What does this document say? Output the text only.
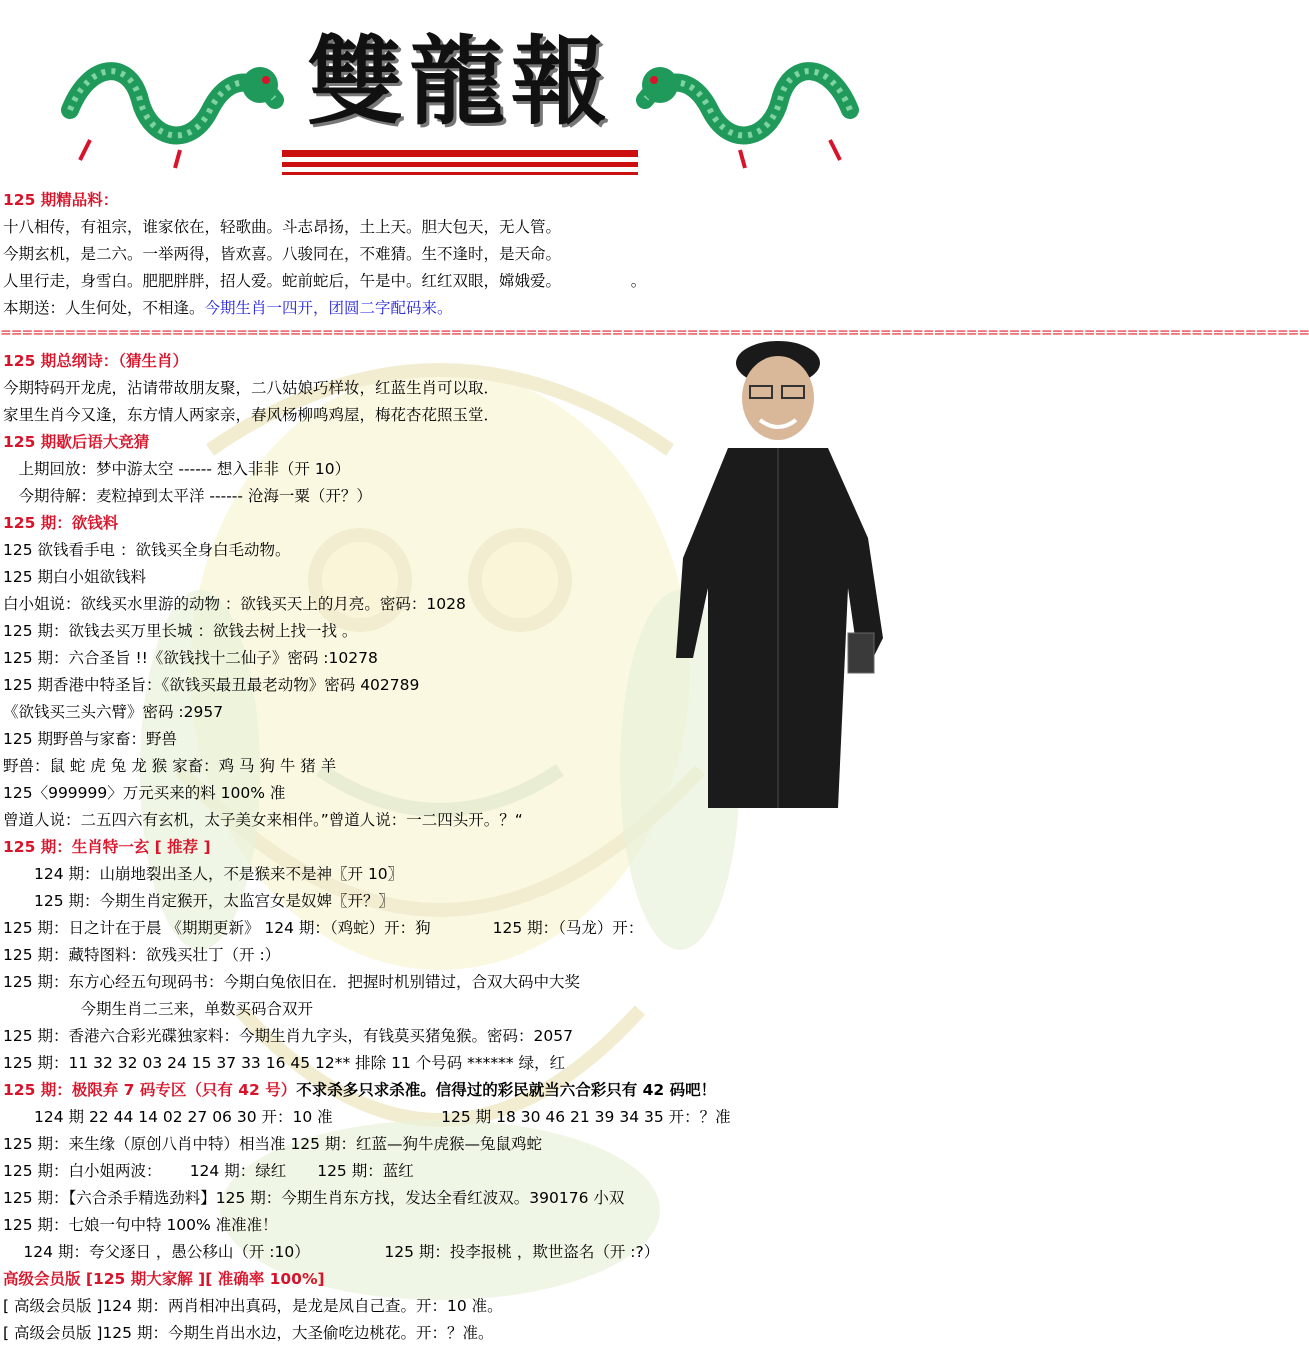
雙龍報
==========================================================================================================================
125 期精品料：
十八相传，有祖宗，谁家依在，轻歌曲。斗志昂扬，土上天。胆大包天，无人管。
今期玄机，是二六。一举两得，皆欢喜。八骏同在，不难猜。生不逢时，是天命。
人里行走，身雪白。肥肥胖胖，招人爱。蛇前蛇后，午是中。红红双眼，嫦娥爱。　　　　　。
本期送：人生何处，不相逢。今期生肖一四开，团圆二字配码来。
125 期总纲诗：（猜生肖）
今期特码开龙虎，沾请带故朋友聚，二八姑娘巧样妆，红蓝生肖可以取．
家里生肖今又逢，东方情人两家亲，春风杨柳鸣鸡屋，梅花杏花照玉堂．
125 期歇后语大竞猜
　上期回放：梦中游太空 ------ 想入非非（开 10）
　今期待解：麦粒掉到太平洋 ------ 沧海一粟（开？）
125 期：欲钱料
125 欲钱看手电 ：欲钱买全身白毛动物。
125 期白小姐欲钱料
白小姐说：欲线买水里游的动物 ：欲钱买天上的月亮。密码：1028
125 期：欲钱去买万里长城 ：欲钱去树上找一找 。
125 期：六合圣旨 !!《欲钱找十二仙子》密码 :10278
125 期香港中特圣旨：《欲钱买最丑最老动物》密码 402789
《欲钱买三头六臂》密码 :2957
125 期野兽与家畜：野兽
野兽：鼠 蛇 虎 兔 龙 猴 家畜：鸡 马 狗 牛 猪 羊
125〈999999〉万元买来的料 100% 准
曾道人说：二五四六有玄机，太子美女来相伴。”曾道人说：一二四头开。？“
125 期：生肖特一玄 [ 推荐 ]
　　124 期：山崩地裂出圣人，不是猴来不是神〖开 10〗
　　125 期：今期生肖定猴开，太监宫女是奴婢〖开？〗
125 期：日之计在于晨 《期期更新》 124 期：（鸡蛇）开：狗　　　　125 期：（马龙）开：
125 期：藏特图料：欲残买壮丁（开 :）
125 期：东方心经五句现码书：今期白兔依旧在．把握时机别错过，合双大码中大奖
　　　　　今期生肖二三来，单数买码合双开
125 期：香港六合彩光碟独家料：今期生肖九字头，有钱莫买猪兔猴。密码：2057
125 期：11 32 32 03 24 15 37 33 16 45 12** 排除 11 个号码 ****** 绿，红
125 期：极限弃 7 码专区（只有 42 号）不求杀多只求杀准。信得过的彩民就当六合彩只有 42 码吧！
　　124 期 22 44 14 02 27 06 30 开：10 准　　　　　　　125 期 18 30 46 21 39 34 35 开：？准
125 期：来生缘（原创八肖中特）相当准 125 期：红蓝—狗牛虎猴—兔鼠鸡蛇
125 期：白小姐两波：　　 124 期：绿红　　125 期：蓝红
125 期：【六合杀手精选劲料】125 期：今期生肖东方找，发达全看红波双。390176 小双
125 期：七娘一句中特 100% 准准准！
　 124 期：夸父逐日 ，愚公移山（开 :10）　　　　　 125 期：投李报桃 ，欺世盗名（开 :?）
高级会员版 [125 期大家解 ][ 准确率 100%]
[ 高级会员版 ]124 期：两肖相冲出真码，是龙是凤自己查。开：10 准。
[ 高级会员版 ]125 期：今期生肖出水边，大圣偷吃边桃花。开：？准。
